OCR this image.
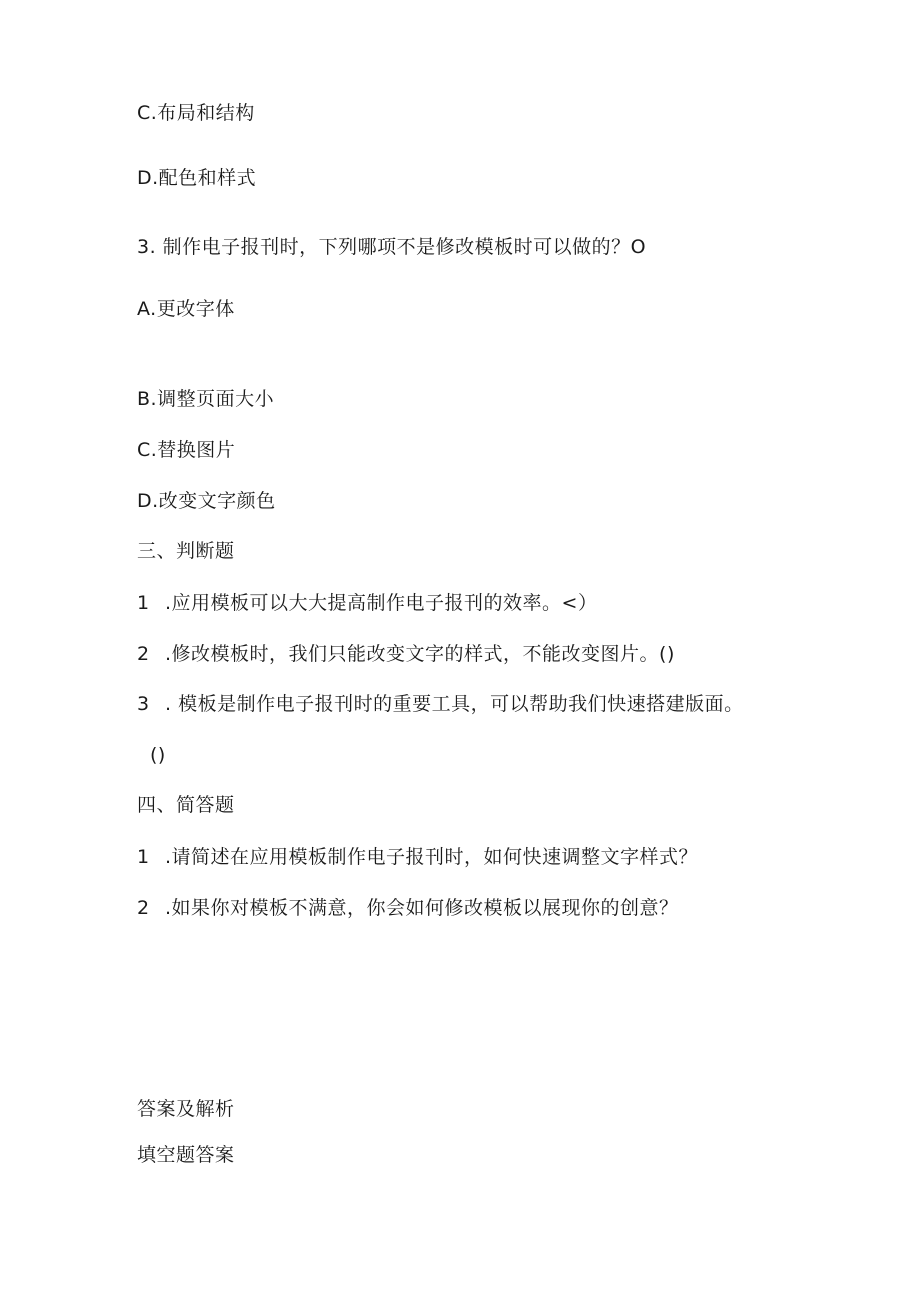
C.布局和结构
D.配色和样式
3. 制作电子报刊时，下列哪项不是修改模板时可以做的？O
A.更改字体
B.调整页面大小
C.替换图片
D.改变文字颜色
三、判断题
1 .应用模板可以大大提高制作电子报刊的效率。<）
2 .修改模板时，我们只能改变文字的样式，不能改变图片。()
3 . 模板是制作电子报刊时的重要工具，可以帮助我们快速搭建版面。
()
四、简答题
1 .请简述在应用模板制作电子报刊时，如何快速调整文字样式？
2 .如果你对模板不满意，你会如何修改模板以展现你的创意？
答案及解析
填空题答案
